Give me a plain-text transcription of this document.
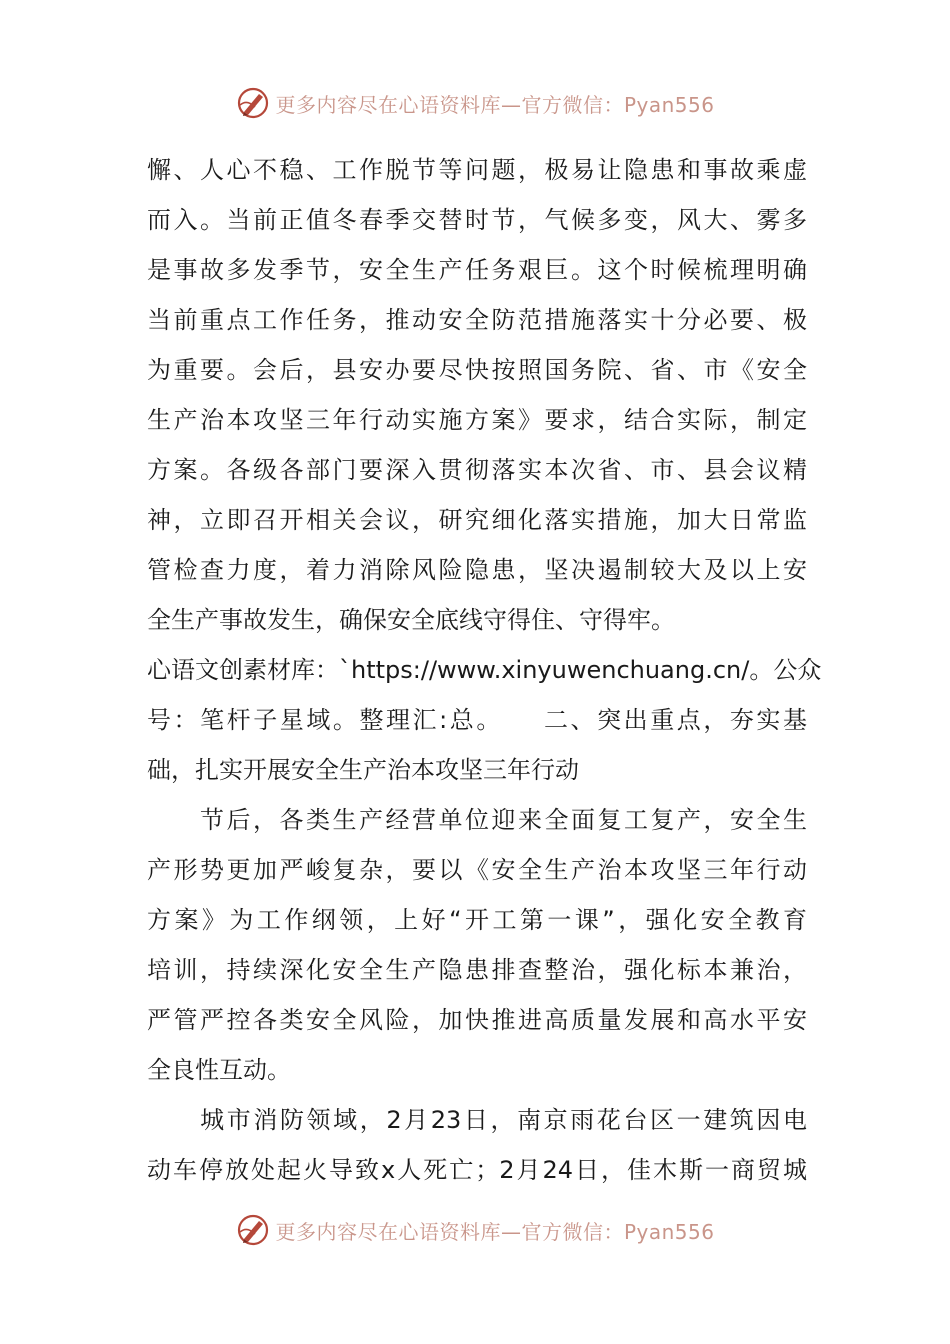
更多内容尽在心语资料库—官方微信：Pyan556
懈、人心不稳、工作脱节等问题，极易让隐患和事故乘虚
而入。当前正值冬春季交替时节，气候多变，风大、雾多
是事故多发季节，安全生产任务艰巨。这个时候梳理明确
当前重点工作任务，推动安全防范措施落实十分必要、极
为重要。会后，县安办要尽快按照国务院、省、市《安全
生产治本攻坚三年行动实施方案》要求，结合实际，制定
方案。各级各部门要深入贯彻落实本次省、市、县会议精
神，立即召开相关会议，研究细化落实措施，加大日常监
管检查力度，着力消除风险隐患，坚决遏制较大及以上安
全生产事故发生，确保安全底线守得住、守得牢。
心语文创素材库：`https://www.xinyuwenchuang.cn/。公众
号：笔杆子星域。整理汇:总。　　二、突出重点，夯实基
础，扎实开展安全生产治本攻坚三年行动
　　节后，各类生产经营单位迎来全面复工复产，安全生
产形势更加严峻复杂，要以《安全生产治本攻坚三年行动
方案》为工作纲领，上好“开工第一课”，强化安全教育
培训，持续深化安全生产隐患排查整治，强化标本兼治，
严管严控各类安全风险，加快推进高质量发展和高水平安
全良性互动。
　　城市消防领域，2月23日，南京雨花台区一建筑因电
动车停放处起火导致x人死亡；2月24日，佳木斯一商贸城
更多内容尽在心语资料库—官方微信：Pyan556
